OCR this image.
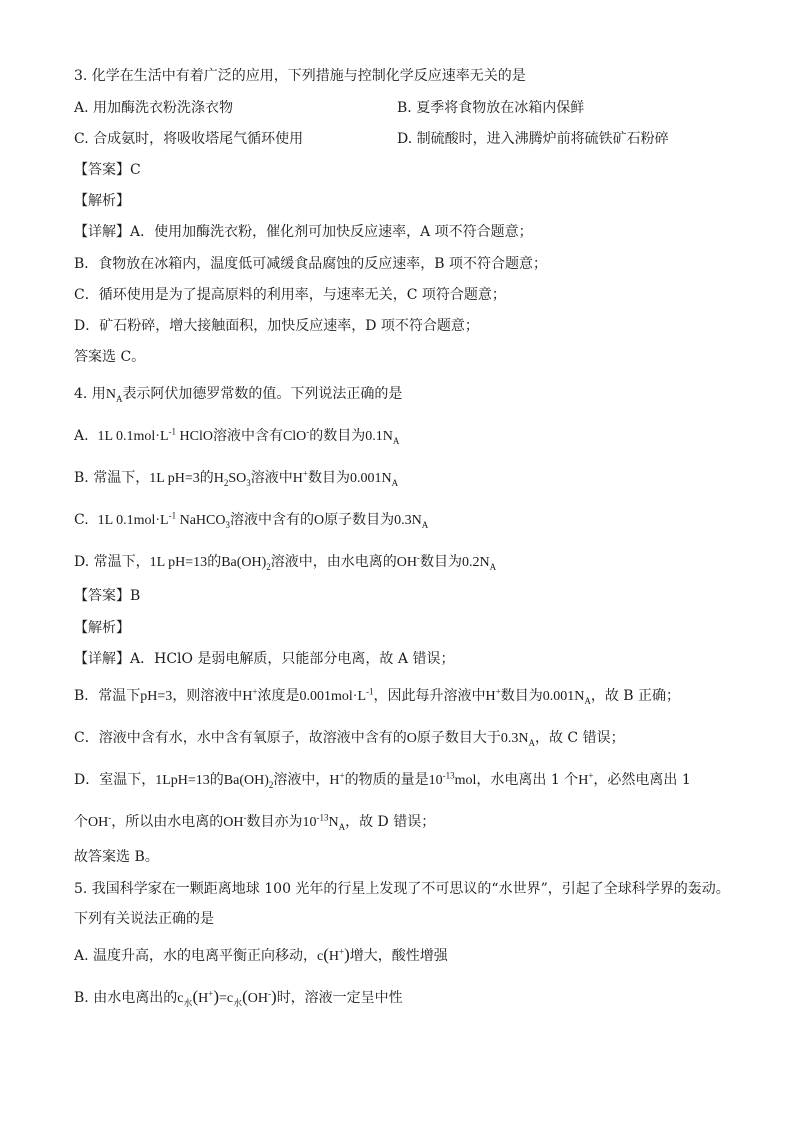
3. 化学在生活中有着广泛的应用，下列措施与控制化学反应速率无关的是
A. 用加酶洗衣粉洗涤衣物	B. 夏季将食物放在冰箱内保鲜
C. 合成氨时，将吸收塔尾气循环使用	D. 制硫酸时，进入沸腾炉前将硫铁矿石粉碎
【答案】C
【解析】
【详解】A．使用加酶洗衣粉，催化剂可加快反应速率，A 项不符合题意；
B．食物放在冰箱内，温度低可减缓食品腐蚀的反应速率，B 项不符合题意；
C．循环使用是为了提高原料的利用率，与速率无关，C 项符合题意；
D．矿石粉碎，增大接触面积，加快反应速率，D 项不符合题意；
答案选 C。
4. 用$N_A$表示阿伏加德罗常数的值。下列说法正确的是
A. 1L $0.1mol\cdot L^{-1}$ HClO溶液中含有ClO-的数目为$0.1N_A$
B. 常温下，1L pH=3的$H_2SO_3$溶液中H+数目为$0.001N_A$
C. 1L $0.1mol\cdot L^{-1}$ NaHCO$_3$溶液中含有的O原子数目为$0.3N_A$
D. 常温下，1L pH=13的$Ba(OH)_2$溶液中，由水电离的OH-数目为$0.2N_A$
【答案】B
【解析】
【详解】A．HClO 是弱电解质，只能部分电离，故 A 错误；
B．常温下pH=3，则溶液中H+浓度是$0.001mol\cdot L^{-1}$，因此每升溶液中H+数目为$0.001N_A$，故 B 正确；
C．溶液中含有水，水中含有氧原子，故溶液中含有的O原子数目大于$0.3N_A$，故 C 错误；
D．室温下，1LpH=13的$Ba(OH)_2$溶液中，H+的物质的量是$10^{-13}mol$，水电离出 1 个H+，必然电离出 1
个OH-，所以由水电离的OH-数目亦为$10^{-13}N_A$，故 D 错误；
故答案选 B。
5. 我国科学家在一颗距离地球 100 光年的行星上发现了不可思议的“水世界”，引起了全球科学界的轰动。
下列有关说法正确的是
A. 温度升高，水的电离平衡正向移动，c(H+)增大，酸性增强
B. 由水电离出的$c_水(H^+)=c_水(OH^-)$时，溶液一定呈中性
